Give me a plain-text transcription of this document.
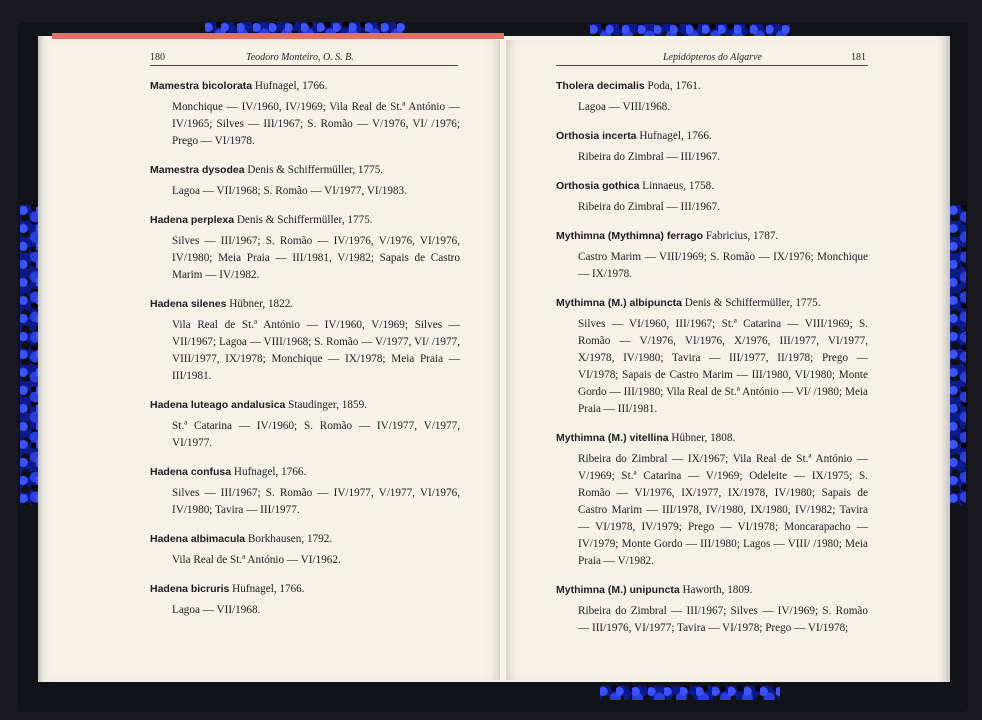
180	Teodoro Monteiro, O. S. B.	Lepidópteros do Algarve	181

Mamestra bicolorata Hufnagel, 1766.

Monchique — IV/1960, IV/1969; Vila Real de St.ª António — IV/1965; Silves — III/1967; S. Romão — V/1976, VI/ /1976; Prego — VI/1978.

Mamestra dysodea Denis & Schiffermüller, 1775.

Lagoa — VII/1968; S. Romão — VI/1977, VI/1983.

Hadena perplexa Denis & Schiffermüller, 1775.

Silves — III/1967; S. Romão — IV/1976, V/1976, VI/1976, IV/1980; Meia Praia — III/1981, V/1982; Sapais de Castro Marim — IV/1982.

Hadena silenes Hübner, 1822.

Vila Real de St.ª António — IV/1960, V/1969; Silves — VII/1967; Lagoa — VIII/1968; S. Romão — V/1977, VI/ /1977, VIII/1977, IX/1978; Monchique — IX/1978; Meia Praia — III/1981.

Hadena luteago andalusica Staudinger, 1859.

St.ª Catarina — IV/1960; S. Romão — IV/1977, V/1977, VI/1977.

Hadena confusa Hufnagel, 1766.

Silves — III/1967; S. Romão — IV/1977, V/1977, VI/1976, IV/1980; Tavira — III/1977.

Hadena albimacula Borkhausen, 1792.

Vila Real de St.ª António — VI/1962.

Hadena bicruris Hufnagel, 1766.

Lagoa — VII/1968.

Tholera decimalis Poda, 1761.

Lagoa — VIII/1968.

Orthosia incerta Hufnagel, 1766.

Ribeira do Zimbral — III/1967.

Orthosia gothica Linnaeus, 1758.

Ribeira do Zimbral — III/1967.

Mythimna (Mythimna) ferrago Fabricius, 1787.

Castro Marim — VIII/1969; S. Romão — IX/1976; Monchique — IX/1978.

Mythimna (M.) albipuncta Denis & Schiffermüller, 1775.

Silves — VI/1960, III/1967; St.ª Catarina — VIII/1969; S. Romão — V/1976, VI/1976, X/1976, III/1977, VI/1977, X/1978, IV/1980; Tavira — III/1977, II/1978; Prego — VI/1978; Sapais de Castro Marim — III/1980, VI/1980; Monte Gordo — III/1980; Vila Real de St.ª António — VI/ /1980; Meia Praia — III/1981.

Mythimna (M.) vitellina Hübner, 1808.

Ribeira do Zimbral — IX/1967; Vila Real de St.ª António — V/1969; St.ª Catarina — V/1969; Odeleite — IX/1975; S. Romão — VI/1976, IX/1977, IX/1978, IV/1980; Sapais de Castro Marim — III/1978, IV/1980, IX/1980, IV/1982; Tavira — VI/1978, IV/1979; Prego — VI/1978; Moncarapacho — IV/1979; Monte Gordo — III/1980; Lagos — VIII/ /1980; Meia Praia — V/1982.

Mythimna (M.) unipuncta Haworth, 1809.

Ribeira do Zimbral — III/1967; Silves — IV/1969; S. Romão — III/1976, VI/1977; Tavira — VI/1978; Prego — VI/1978;
